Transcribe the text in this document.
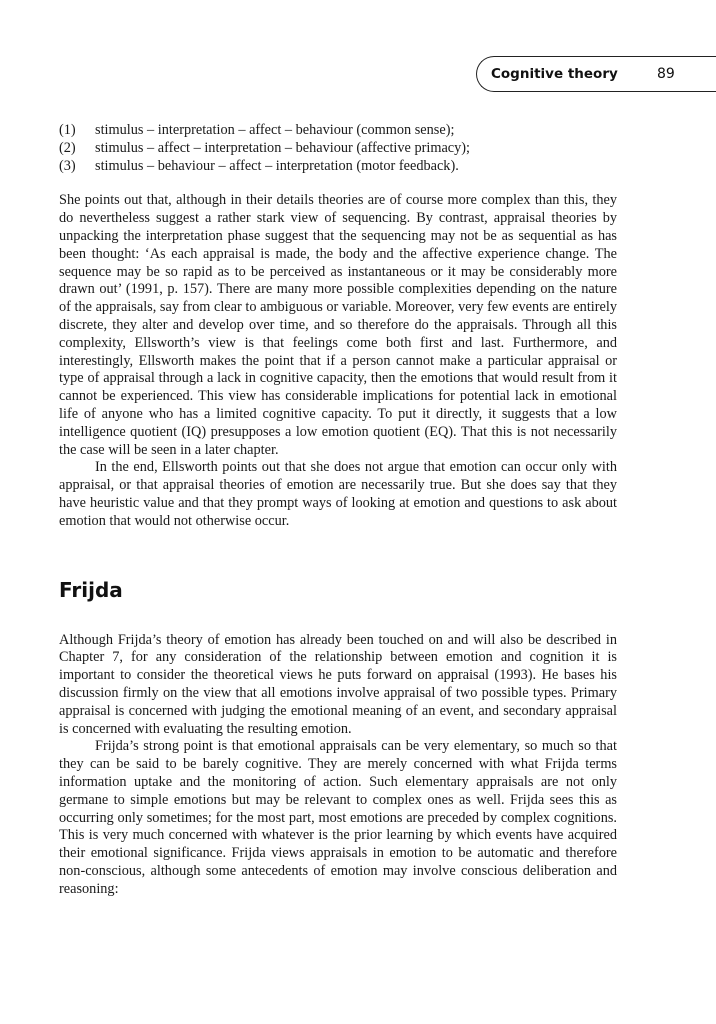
Cognitive theory	89
(1)	stimulus – interpretation – affect – behaviour (common sense);
(2)	stimulus – affect – interpretation – behaviour (affective primacy);
(3)	stimulus – behaviour – affect – interpretation (motor feedback).

She points out that, although in their details theories are of course more complex than this, they do nevertheless suggest a rather stark view of sequencing. By contrast, appraisal theories by unpacking the interpretation phase suggest that the sequencing may not be as sequential as has been thought: ‘As each appraisal is made, the body and the affective experience change. The sequence may be so rapid as to be perceived as instantaneous or it may be considerably more drawn out’ (1991, p. 157). There are many more possible complexities depending on the nature of the appraisals, say from clear to ambiguous or variable. Moreover, very few events are entirely discrete, they alter and develop over time, and so therefore do the appraisals. Through all this complexity, Ellsworth’s view is that feelings come both first and last. Furthermore, and interestingly, Ellsworth makes the point that if a person cannot make a particular appraisal or type of appraisal through a lack in cognitive capacity, then the emotions that would result from it cannot be experienced. This view has considerable implications for potential lack in emotional life of anyone who has a limited cognitive capacity. To put it directly, it suggests that a low intelligence quotient (IQ) presupposes a low emotion quotient (EQ). That this is not necessarily the case will be seen in a later chapter.

In the end, Ellsworth points out that she does not argue that emotion can occur only with appraisal, or that appraisal theories of emotion are necessarily true. But she does say that they have heuristic value and that they prompt ways of looking at emotion and questions to ask about emotion that would not otherwise occur.

Frijda

Although Frijda’s theory of emotion has already been touched on and will also be described in Chapter 7, for any consideration of the relationship between emotion and cognition it is important to consider the theoretical views he puts forward on appraisal (1993). He bases his discussion firmly on the view that all emotions involve appraisal of two possible types. Primary appraisal is concerned with judging the emotional meaning of an event, and secondary appraisal is concerned with evaluating the resulting emotion.

Frijda’s strong point is that emotional appraisals can be very elementary, so much so that they can be said to be barely cognitive. They are merely concerned with what Frijda terms information uptake and the monitoring of action. Such elementary appraisals are not only germane to simple emotions but may be relevant to complex ones as well. Frijda sees this as occurring only sometimes; for the most part, most emotions are preceded by complex cognitions. This is very much concerned with whatever is the prior learning by which events have acquired their emotional significance. Frijda views appraisals in emotion to be automatic and therefore non-conscious, although some antecedents of emotion may involve conscious deliberation and reasoning:
